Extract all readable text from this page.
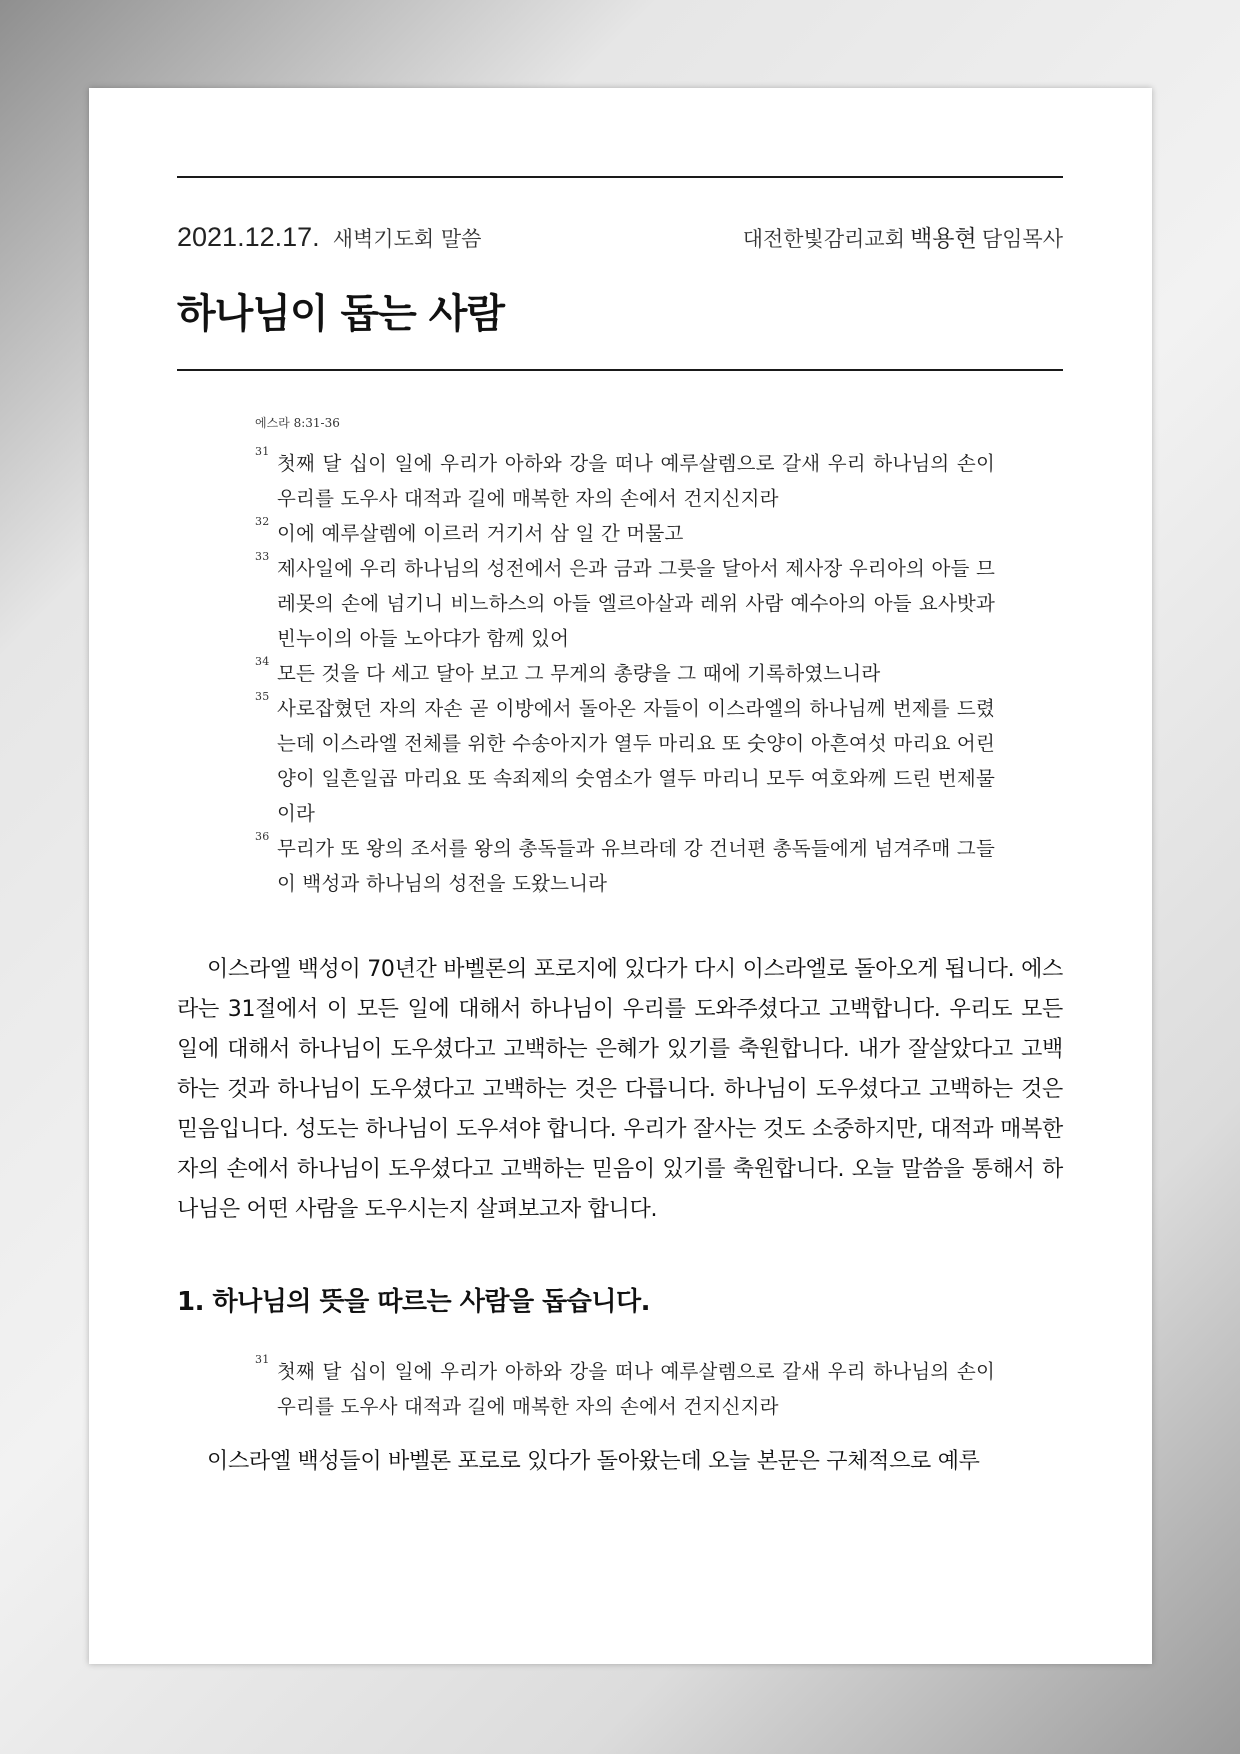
2021.12.17. 새벽기도회 말씀	대전한빛감리교회 백용현 담임목사
하나님이 돕는 사람
에스라 8:31-36
31
첫째 달 십이 일에 우리가 아하와 강을 떠나 예루살렘으로 갈새 우리 하나님의 손이 우리를 도우사 대적과 길에 매복한 자의 손에서 건지신지라
32
이에 예루살렘에 이르러 거기서 삼 일 간 머물고
33
제사일에 우리 하나님의 성전에서 은과 금과 그릇을 달아서 제사장 우리아의 아들 므레못의 손에 넘기니 비느하스의 아들 엘르아살과 레위 사람 예수아의 아들 요사밧과 빈누이의 아들 노아댜가 함께 있어
34
모든 것을 다 세고 달아 보고 그 무게의 총량을 그 때에 기록하였느니라
35
사로잡혔던 자의 자손 곧 이방에서 돌아온 자들이 이스라엘의 하나님께 번제를 드렸는데 이스라엘 전체를 위한 수송아지가 열두 마리요 또 숫양이 아흔여섯 마리요 어린 양이 일흔일곱 마리요 또 속죄제의 숫염소가 열두 마리니 모두 여호와께 드린 번제물이라
36
무리가 또 왕의 조서를 왕의 총독들과 유브라데 강 건너편 총독들에게 넘겨주매 그들이 백성과 하나님의 성전을 도왔느니라

이스라엘 백성이 70년간 바벨론의 포로지에 있다가 다시 이스라엘로 돌아오게 됩니다. 에스라는 31절에서 이 모든 일에 대해서 하나님이 우리를 도와주셨다고 고백합니다. 우리도 모든 일에 대해서 하나님이 도우셨다고 고백하는 은혜가 있기를 축원합니다. 내가 잘살았다고 고백하는 것과 하나님이 도우셨다고 고백하는 것은 다릅니다. 하나님이 도우셨다고 고백하는 것은 믿음입니다. 성도는 하나님이 도우셔야 합니다. 우리가 잘사는 것도 소중하지만, 대적과 매복한 자의 손에서 하나님이 도우셨다고 고백하는 믿음이 있기를 축원합니다. 오늘 말씀을 통해서 하나님은 어떤 사람을 도우시는지 살펴보고자 합니다.

1. 하나님의 뜻을 따르는 사람을 돕습니다.
31
첫째 달 십이 일에 우리가 아하와 강을 떠나 예루살렘으로 갈새 우리 하나님의 손이 우리를 도우사 대적과 길에 매복한 자의 손에서 건지신지라

이스라엘 백성들이 바벨론 포로로 있다가 돌아왔는데 오늘 본문은 구체적으로 예루
